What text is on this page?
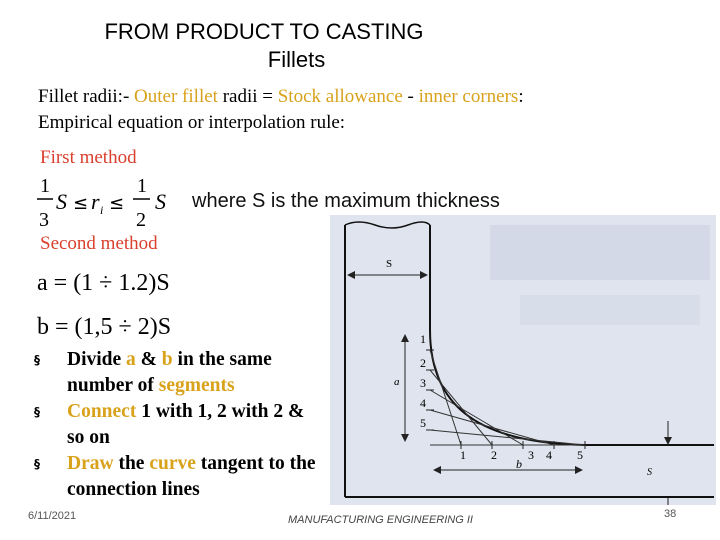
FROM PRODUCT TO CASTING
Fillets
Fillet radii:- Outer fillet radii = Stock allowance - inner corners:
Empirical equation or interpolation rule:
First method
1
3
S ≤ r i ≤
1
2
S where S is the maximum thickness
Second method
a = (1 ÷ 1.2)S
b = (1,5 ÷ 2)S
§ Divide a & b in the same number of segments
§ Connect 1 with 1, 2 with 2 & so on
§ Draw the curve tangent to the connection lines
S
a
b
S
1
2
3
4
5
1 2	3 4 5
6/11/2021	MANUFACTURING ENGINEERING II	38
